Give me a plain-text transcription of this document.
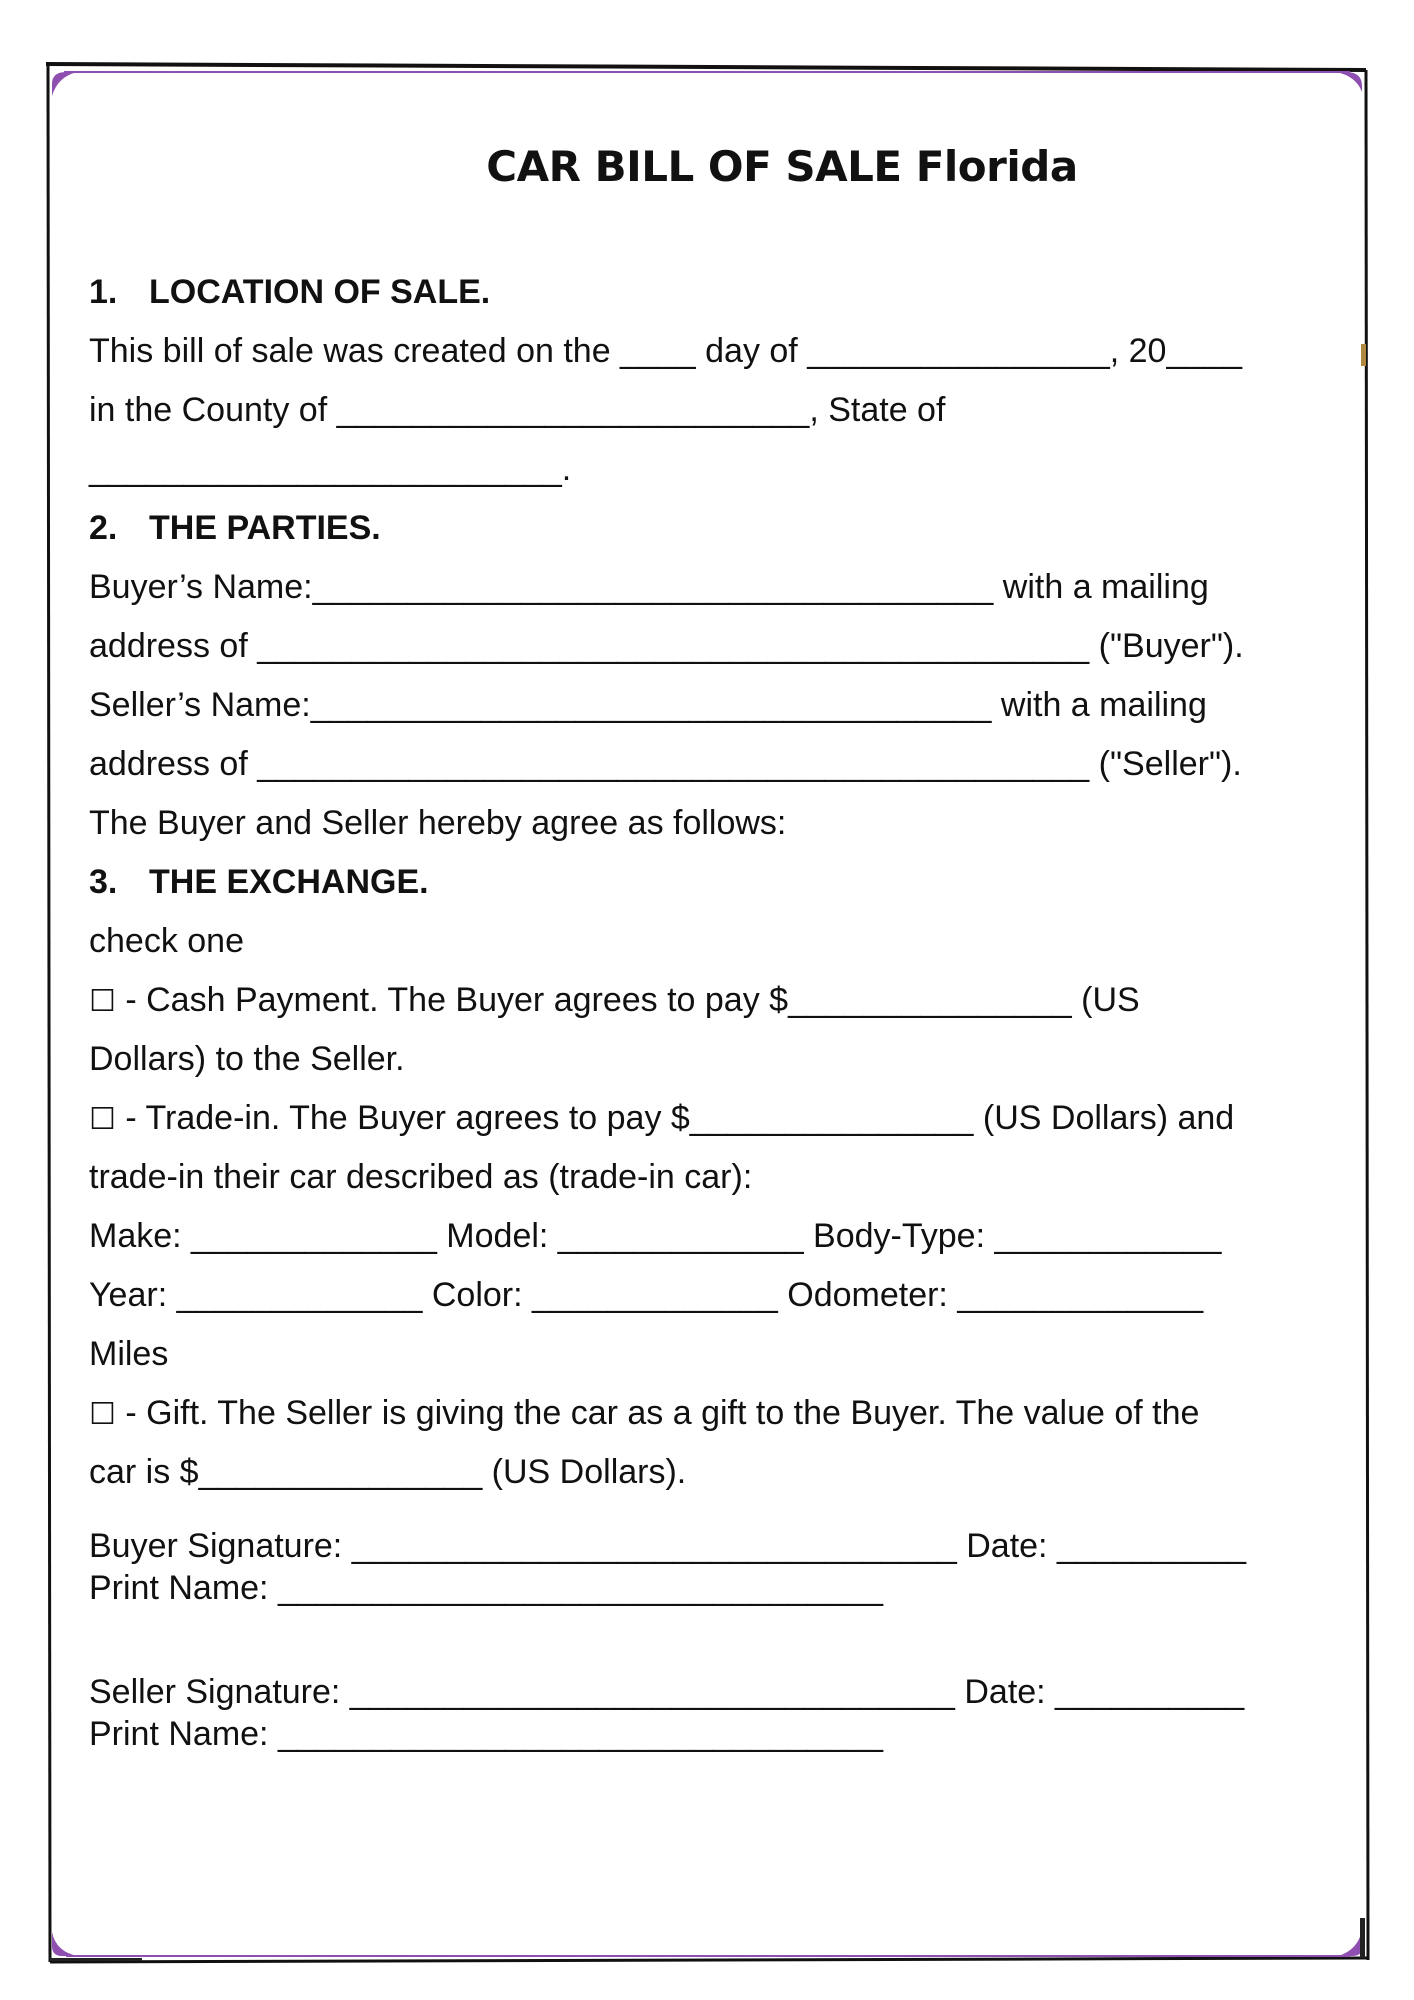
CAR BILL OF SALE Florida
1. LOCATION OF SALE.
This bill of sale was created on the ____ day of ________________, 20____
in the County of _________________________, State of
_________________________.
2. THE PARTIES.
Buyer’s Name:____________________________________ with a mailing
address of ____________________________________________ ("Buyer").
Seller’s Name:____________________________________ with a mailing
address of ____________________________________________ ("Seller").
The Buyer and Seller hereby agree as follows:
3. THE EXCHANGE.
check one
☐ - Cash Payment. The Buyer agrees to pay $_______________ (US
Dollars) to the Seller.
☐ - Trade-in. The Buyer agrees to pay $_______________ (US Dollars) and
trade-in their car described as (trade-in car):
Make: _____________ Model: _____________ Body-Type: ____________
Year: _____________ Color: _____________ Odometer: _____________
Miles
☐ - Gift. The Seller is giving the car as a gift to the Buyer. The value of the
car is $_______________ (US Dollars).
Buyer Signature: ________________________________ Date: __________
Print Name: ________________________________
Seller Signature: ________________________________ Date: __________
Print Name: ________________________________
